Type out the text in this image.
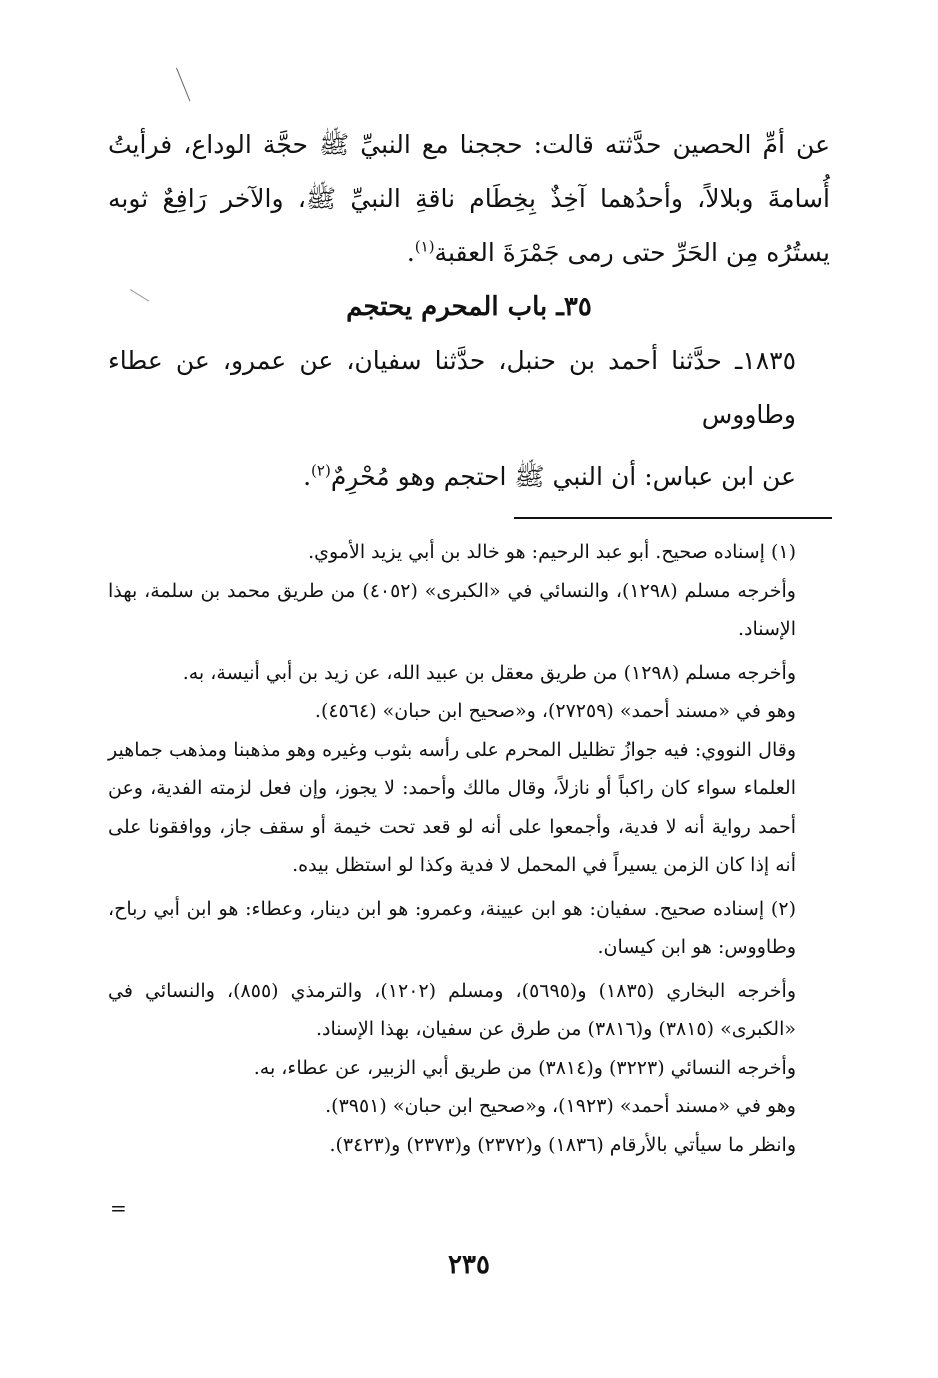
عن أمِّ الحصين حدَّثته قالت: حججنا مع النبيِّ ﷺ حجَّة الوداع، فرأيتُ أُسامةَ وبلالاً، وأحدُهما آخِذٌ بِخِطَام ناقةِ النبيِّ ﷺ، والآخر رَافِعٌ ثوبه يستُرُه مِن الحَرِّ حتى رمى جَمْرَةَ العقبة$^{(١)}$.

٣٥ـ باب المحرم يحتجم

١٨٣٥ـ حدَّثنا أحمد بن حنبل، حدَّثنا سفيان، عن عمرو، عن عطاء وطاووس

عن ابن عباس: أن النبي ﷺ احتجم وهو مُحْرِمٌ$^{(٢)}$.

(١) إسناده صحيح. أبو عبد الرحيم: هو خالد بن أبي يزيد الأموي.

وأخرجه مسلم (١٢٩٨)، والنسائي في «الكبرى» (٤٠٥٢) من طريق محمد بن سلمة، بهذا الإسناد.

وأخرجه مسلم (١٢٩٨) من طريق معقل بن عبيد الله، عن زيد بن أبي أنيسة، به.

وهو في «مسند أحمد» (٢٧٢٥٩)، و«صحيح ابن حبان» (٤٥٦٤).

وقال النووي: فيه جوازُ تظليل المحرم على رأسه بثوب وغيره وهو مذهبنا ومذهب جماهير العلماء سواء كان راكباً أو نازلاً، وقال مالك وأحمد: لا يجوز، وإن فعل لزمته الفدية، وعن أحمد رواية أنه لا فدية، وأجمعوا على أنه لو قعد تحت خيمة أو سقف جاز، ووافقونا على أنه إذا كان الزمن يسيراً في المحمل لا فدية وكذا لو استظل بيده.

(٢) إسناده صحيح. سفيان: هو ابن عيينة، وعمرو: هو ابن دينار، وعطاء: هو ابن أبي رباح، وطاووس: هو ابن كيسان.

وأخرجه البخاري (١٨٣٥) و(٥٦٩٥)، ومسلم (١٢٠٢)، والترمذي (٨٥٥)، والنسائي في «الكبرى» (٣٨١٥) و(٣٨١٦) من طرق عن سفيان، بهذا الإسناد.

وأخرجه النسائي (٣٢٢٣) و(٣٨١٤) من طريق أبي الزبير، عن عطاء، به.

وهو في «مسند أحمد» (١٩٢٣)، و«صحيح ابن حبان» (٣٩٥١).

وانظر ما سيأتي بالأرقام (١٨٣٦) و(٢٣٧٢) و(٢٣٧٣) و(٣٤٢٣).

=
٢٣٥
